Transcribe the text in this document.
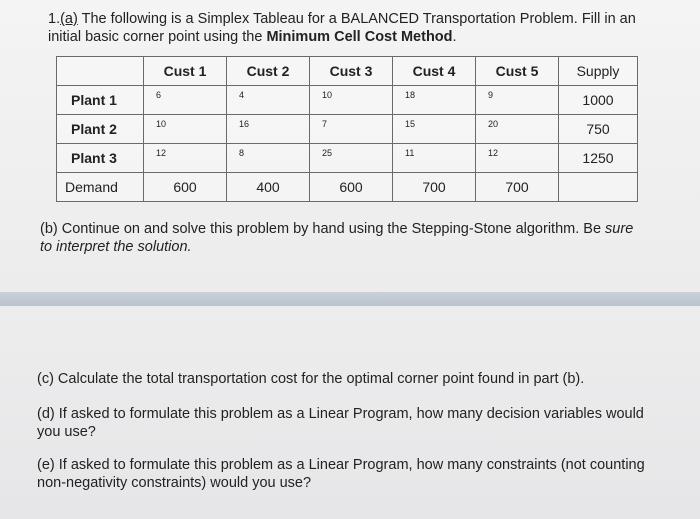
1.(a) The following is a Simplex Tableau for a BALANCED Transportation Problem. Fill in an initial basic corner point using the Minimum Cell Cost Method.
	Cust 1	Cust 2	Cust 3	Cust 4	Cust 5	Supply
Plant 1	6	4	10	18	9	1000
Plant 2	10	16	7	15	20	750
Plant 3	12	8	25	11	12	1250
Demand	600	400	600	700	700	
(b) Continue on and solve this problem by hand using the Stepping-Stone algorithm. Be sure to interpret the solution.
(c) Calculate the total transportation cost for the optimal corner point found in part (b).
(d) If asked to formulate this problem as a Linear Program, how many decision variables would you use?
(e) If asked to formulate this problem as a Linear Program, how many constraints (not counting non-negativity constraints) would you use?
